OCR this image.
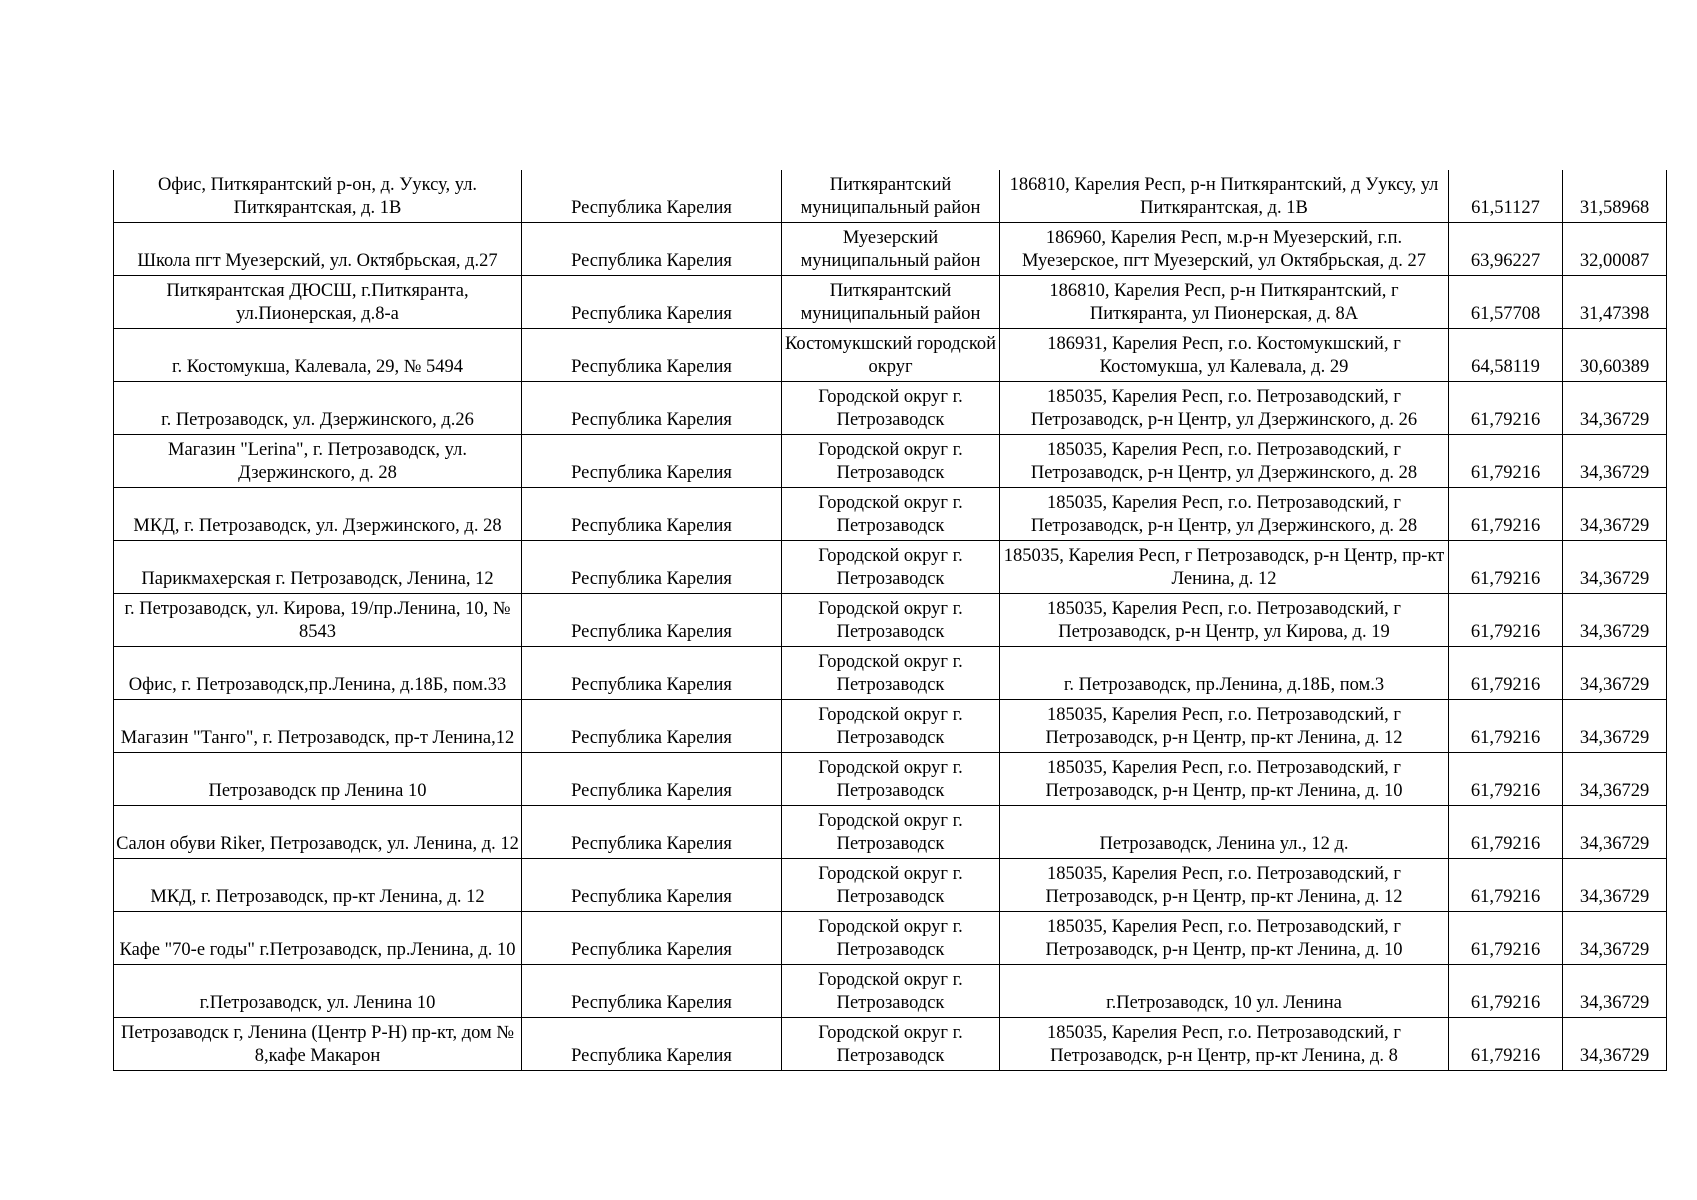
Офис, Питкярантский р-он, д. Ууксу, ул. Питкярантская, д. 1В	Республика Карелия	Питкярантский муниципальный район	186810, Карелия Респ, р-н Питкярантский, д Ууксу, ул Питкярантская, д. 1В	61,51127	31,58968
Школа пгт Муезерский, ул. Октябрьская, д.27	Республика Карелия	Муезерский муниципальный район	186960, Карелия Респ, м.р-н Муезерский, г.п. Муезерское, пгт Муезерский, ул Октябрьская, д. 27	63,96227	32,00087
Питкярантская ДЮСШ, г.Питкяранта, ул.Пионерская, д.8-а	Республика Карелия	Питкярантский муниципальный район	186810, Карелия Респ, р-н Питкярантский, г Питкяранта, ул Пионерская, д. 8А	61,57708	31,47398
г. Костомукша, Калевала, 29, № 5494	Республика Карелия	Костомукшский городской округ	186931, Карелия Респ, г.о. Костомукшский, г Костомукша, ул Калевала, д. 29	64,58119	30,60389
г. Петрозаводск, ул. Дзержинского, д.26	Республика Карелия	Городской округ г. Петрозаводск	185035, Карелия Респ, г.о. Петрозаводский, г Петрозаводск, р-н Центр, ул Дзержинского, д. 26	61,79216	34,36729
Магазин "Lerina", г. Петрозаводск, ул. Дзержинского, д. 28	Республика Карелия	Городской округ г. Петрозаводск	185035, Карелия Респ, г.о. Петрозаводский, г Петрозаводск, р-н Центр, ул Дзержинского, д. 28	61,79216	34,36729
МКД, г. Петрозаводск, ул. Дзержинского, д. 28	Республика Карелия	Городской округ г. Петрозаводск	185035, Карелия Респ, г.о. Петрозаводский, г Петрозаводск, р-н Центр, ул Дзержинского, д. 28	61,79216	34,36729
Парикмахерская г. Петрозаводск, Ленина, 12	Республика Карелия	Городской округ г. Петрозаводск	185035, Карелия Респ, г Петрозаводск, р-н Центр, пр-кт Ленина, д. 12	61,79216	34,36729
г. Петрозаводск, ул. Кирова, 19/пр.Ленина, 10, № 8543	Республика Карелия	Городской округ г. Петрозаводск	185035, Карелия Респ, г.о. Петрозаводский, г Петрозаводск, р-н Центр, ул Кирова, д. 19	61,79216	34,36729
Офис, г. Петрозаводск,пр.Ленина, д.18Б, пом.33	Республика Карелия	Городской округ г. Петрозаводск	г. Петрозаводск, пр.Ленина, д.18Б, пом.3	61,79216	34,36729
Магазин "Танго", г. Петрозаводск, пр-т Ленина,12	Республика Карелия	Городской округ г. Петрозаводск	185035, Карелия Респ, г.о. Петрозаводский, г Петрозаводск, р-н Центр, пр-кт Ленина, д. 12	61,79216	34,36729
Петрозаводск пр Ленина 10	Республика Карелия	Городской округ г. Петрозаводск	185035, Карелия Респ, г.о. Петрозаводский, г Петрозаводск, р-н Центр, пр-кт Ленина, д. 10	61,79216	34,36729
Салон обуви Riker, Петрозаводск, ул. Ленина, д. 12	Республика Карелия	Городской округ г. Петрозаводск	Петрозаводск, Ленина ул., 12 д.	61,79216	34,36729
МКД, г. Петрозаводск, пр-кт Ленина, д. 12	Республика Карелия	Городской округ г. Петрозаводск	185035, Карелия Респ, г.о. Петрозаводский, г Петрозаводск, р-н Центр, пр-кт Ленина, д. 12	61,79216	34,36729
Кафе "70-е годы" г.Петрозаводск, пр.Ленина, д. 10	Республика Карелия	Городской округ г. Петрозаводск	185035, Карелия Респ, г.о. Петрозаводский, г Петрозаводск, р-н Центр, пр-кт Ленина, д. 10	61,79216	34,36729
г.Петрозаводск, ул. Ленина 10	Республика Карелия	Городской округ г. Петрозаводск	г.Петрозаводск, 10 ул. Ленина	61,79216	34,36729
Петрозаводск г, Ленина (Центр Р-Н) пр-кт, дом № 8,кафе Макарон	Республика Карелия	Городской округ г. Петрозаводск	185035, Карелия Респ, г.о. Петрозаводский, г Петрозаводск, р-н Центр, пр-кт Ленина, д. 8	61,79216	34,36729
